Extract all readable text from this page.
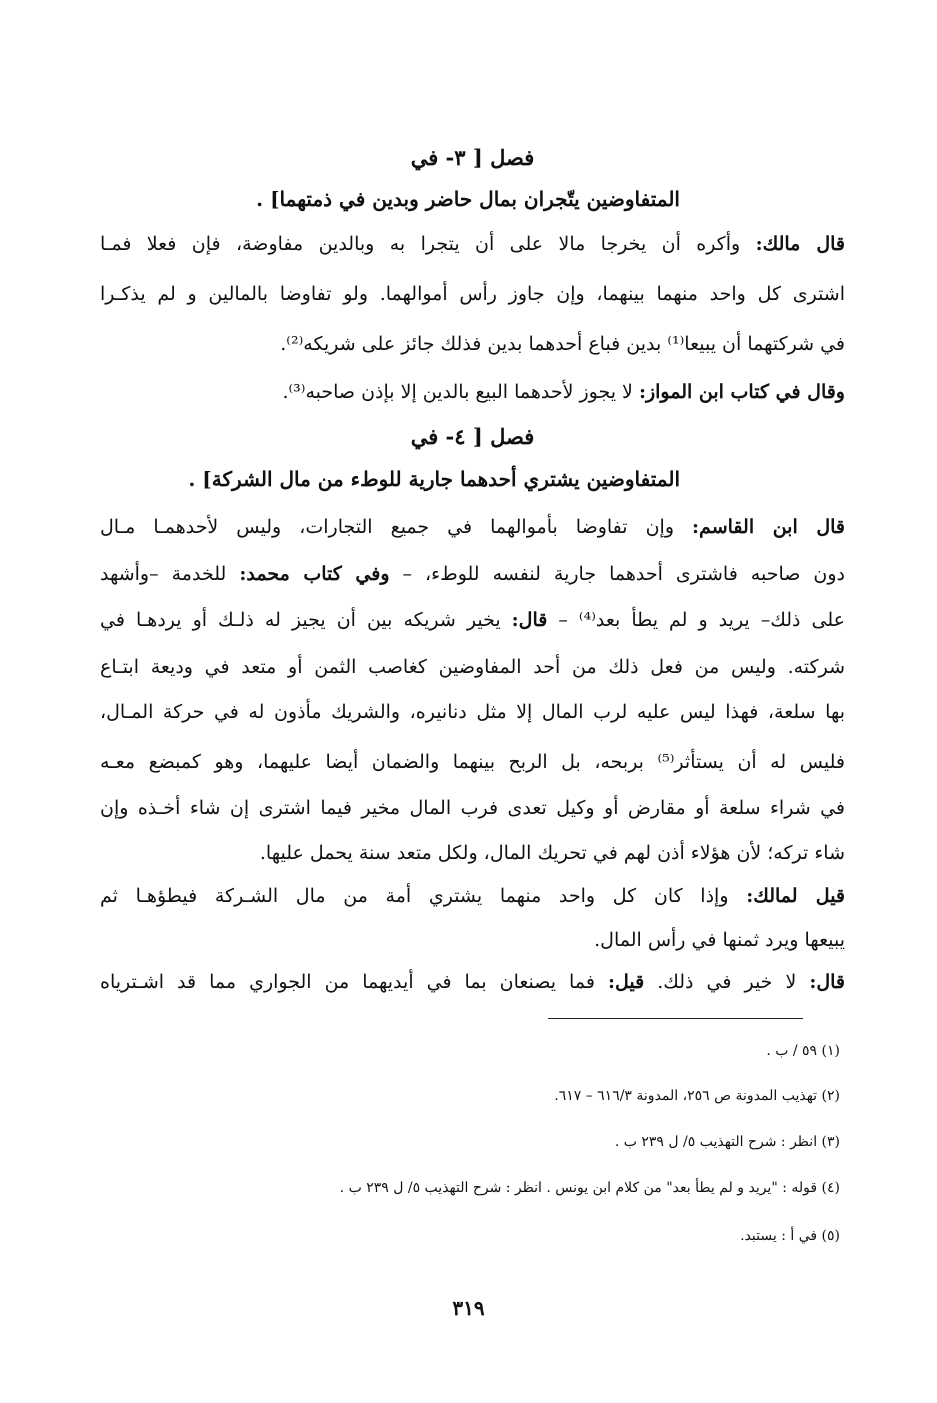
فصل [ ٣- في
المتفاوضين يتّجران بمال حاضر وبدين في ذمتهما] .
قال مالك: وأكره أن يخرجا مالا على أن يتجرا به وبالدين مفاوضة، فإن فعلا فمـا
اشترى كل واحد منهما بينهما، وإن جاوز رأس أموالهما. ولو تفاوضا بالمالين و لم يذكـرا
في شركتهما أن يبيعا⁽¹⁾ بدين فباع أحدهما بدين فذلك جائز على شريكه⁽²⁾.
وقال في كتاب ابن المواز: لا يجوز لأحدهما البيع بالدين إلا بإذن صاحبه⁽³⁾.
فصل [ ٤- في
المتفاوضين يشتري أحدهما جارية للوطء من مال الشركة] .
قال ابن القاسم: وإن تفاوضا بأموالهما في جميع التجارات، وليس لأحدهمـا مـال
دون صاحبه فاشترى أحدهما جارية لنفسه للوطء، – وفي كتاب محمد: للخدمة –وأشهد
على ذلك– يريد و لم يطأ بعد⁽⁴⁾ – قال: يخير شريكه بين أن يجيز له ذلـك أو يردهـا في
شركته. وليس من فعل ذلك من أحد المفاوضين كغاصب الثمن أو متعد في وديعة ابتـاع
بها سلعة، فهذا ليس عليه لرب المال إلا مثل دنانيره، والشريك مأذون له في حركة المـال،
فليس له أن يستأثر⁽⁵⁾ بربحه، بل الربح بينهما والضمان أيضا عليهما، وهو كمبضع معـه
في شراء سلعة أو مقارض أو وكيل تعدى فرب المال مخير فيما اشترى إن شاء أخـذه وإن
شاء تركه؛ لأن هؤلاء أذن لهم في تحريك المال، ولكل متعد سنة يحمل عليها.
قيل لمالك: وإذا كان كل واحد منهما يشتري أمة من مال الشـركة فيطؤهـا ثم
يبيعها ويرد ثمنها في رأس المال.
قال: لا خير في ذلك. قيل: فما يصنعان بما في أيديهما من الجواري مما قد اشـترياه
(١) ٥٩ / ب .
(٢) تهذيب المدونة ص ٢٥٦، المدونة ٦١٦/٣ – ٦١٧.
(٣) انظر : شرح التهذيب ٥/ ل ٢٣٩ ب .
(٤) قوله : "يريد و لم يطأ بعد" من كلام ابن يونس . انظر : شرح التهذيب ٥/ ل ٢٣٩ ب .
(٥) في أ : يستبد.
٣١٩
